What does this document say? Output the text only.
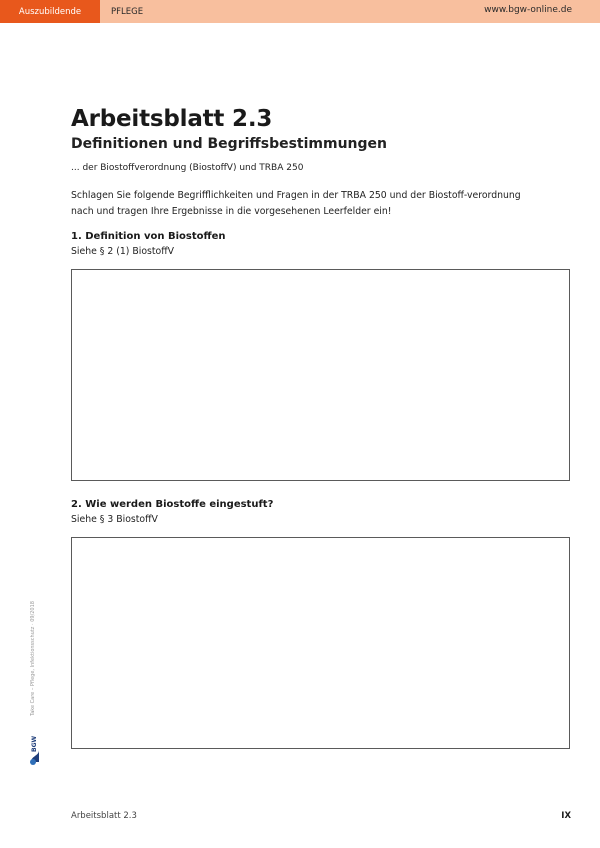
Auszubildende	PFLEGE	www.bgw-online.de
Arbeitsblatt 2.3
Definitionen und Begriffsbestimmungen
... der Biostoffverordnung (BiostoffV) und TRBA 250

Schlagen Sie folgende Begrifflichkeiten und Fragen in der TRBA 250 und der Biostoff-verordnung nach und tragen Ihre Ergebnisse in die vorgesehenen Leerfelder ein!

1. Definition von Biostoffen
Siehe § 2 (1) BiostoffV
2. Wie werden Biostoffe eingestuft?
Siehe § 3 BiostoffV
Take Care – Pflege, Infektionsschutz · 09/2018
BGW
Arbeitsblatt 2.3	IX
